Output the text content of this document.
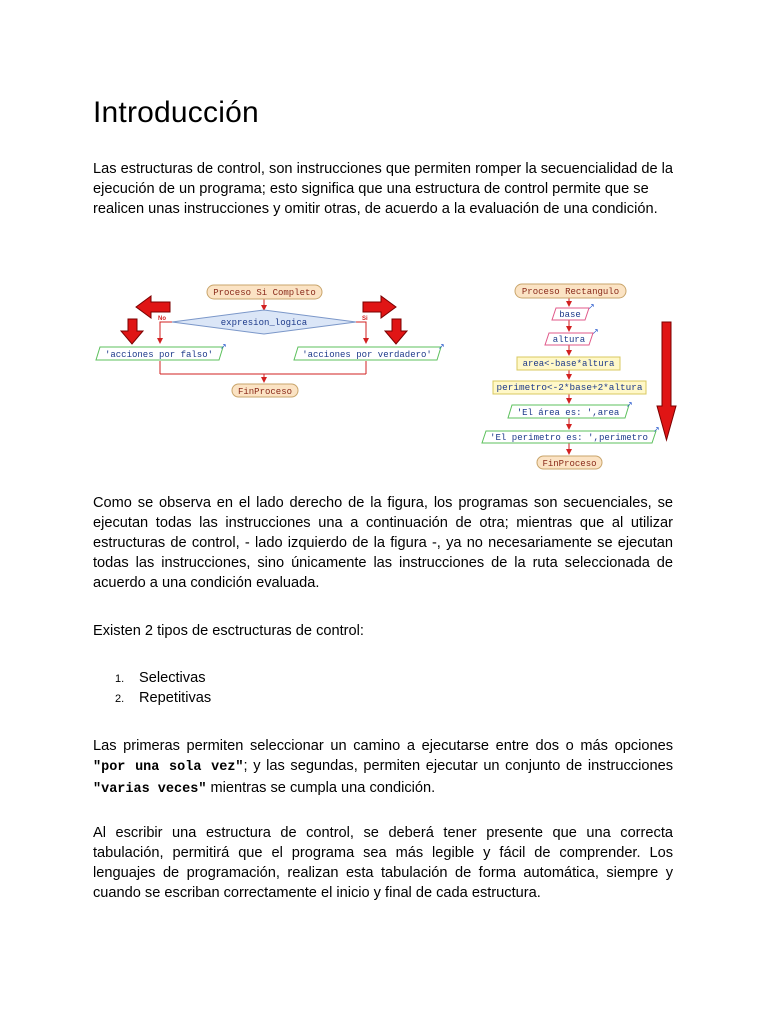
Introducción

Las estructuras de control, son instrucciones que permiten romper la secuencialidad de la ejecución de un programa; esto significa que una estructura de control permite que se realicen unas instrucciones y omitir otras, de acuerdo a la evaluación de una condición.

Proceso Si Completo
expresion_logica
No	Si
'acciones por falso'
↗
'acciones por verdadero'
↗
FinProceso
Proceso Rectangulo
base
↗
altura
↗
area<-base*altura
perimetro<-2*base+2*altura
'El área es: ',area
↗
'El perimetro es: ',perimetro
↗
FinProceso

Como se observa en el lado derecho de la figura, los programas son secuenciales, se ejecutan todas las instrucciones una a continuación de otra; mientras que al utilizar estructuras de control, - lado izquierdo de la figura -, ya no necesariamente se ejecutan todas las instrucciones, sino únicamente las instrucciones de la ruta seleccionada de acuerdo a una condición evaluada.

Existen 2 tipos de esctructuras de control:

1. Selectivas
2. Repetitivas

Las primeras permiten seleccionar un camino a ejecutarse entre dos o más opciones "por una sola vez"; y las segundas, permiten ejecutar un conjunto de instrucciones "varias veces" mientras se cumpla una condición.

Al escribir una estructura de control, se deberá tener presente que una correcta tabulación, permitirá que el programa sea más legible y fácil de comprender. Los lenguajes de programación, realizan esta tabulación de forma automática, siempre y cuando se escriban correctamente el inicio y final de cada estructura.
